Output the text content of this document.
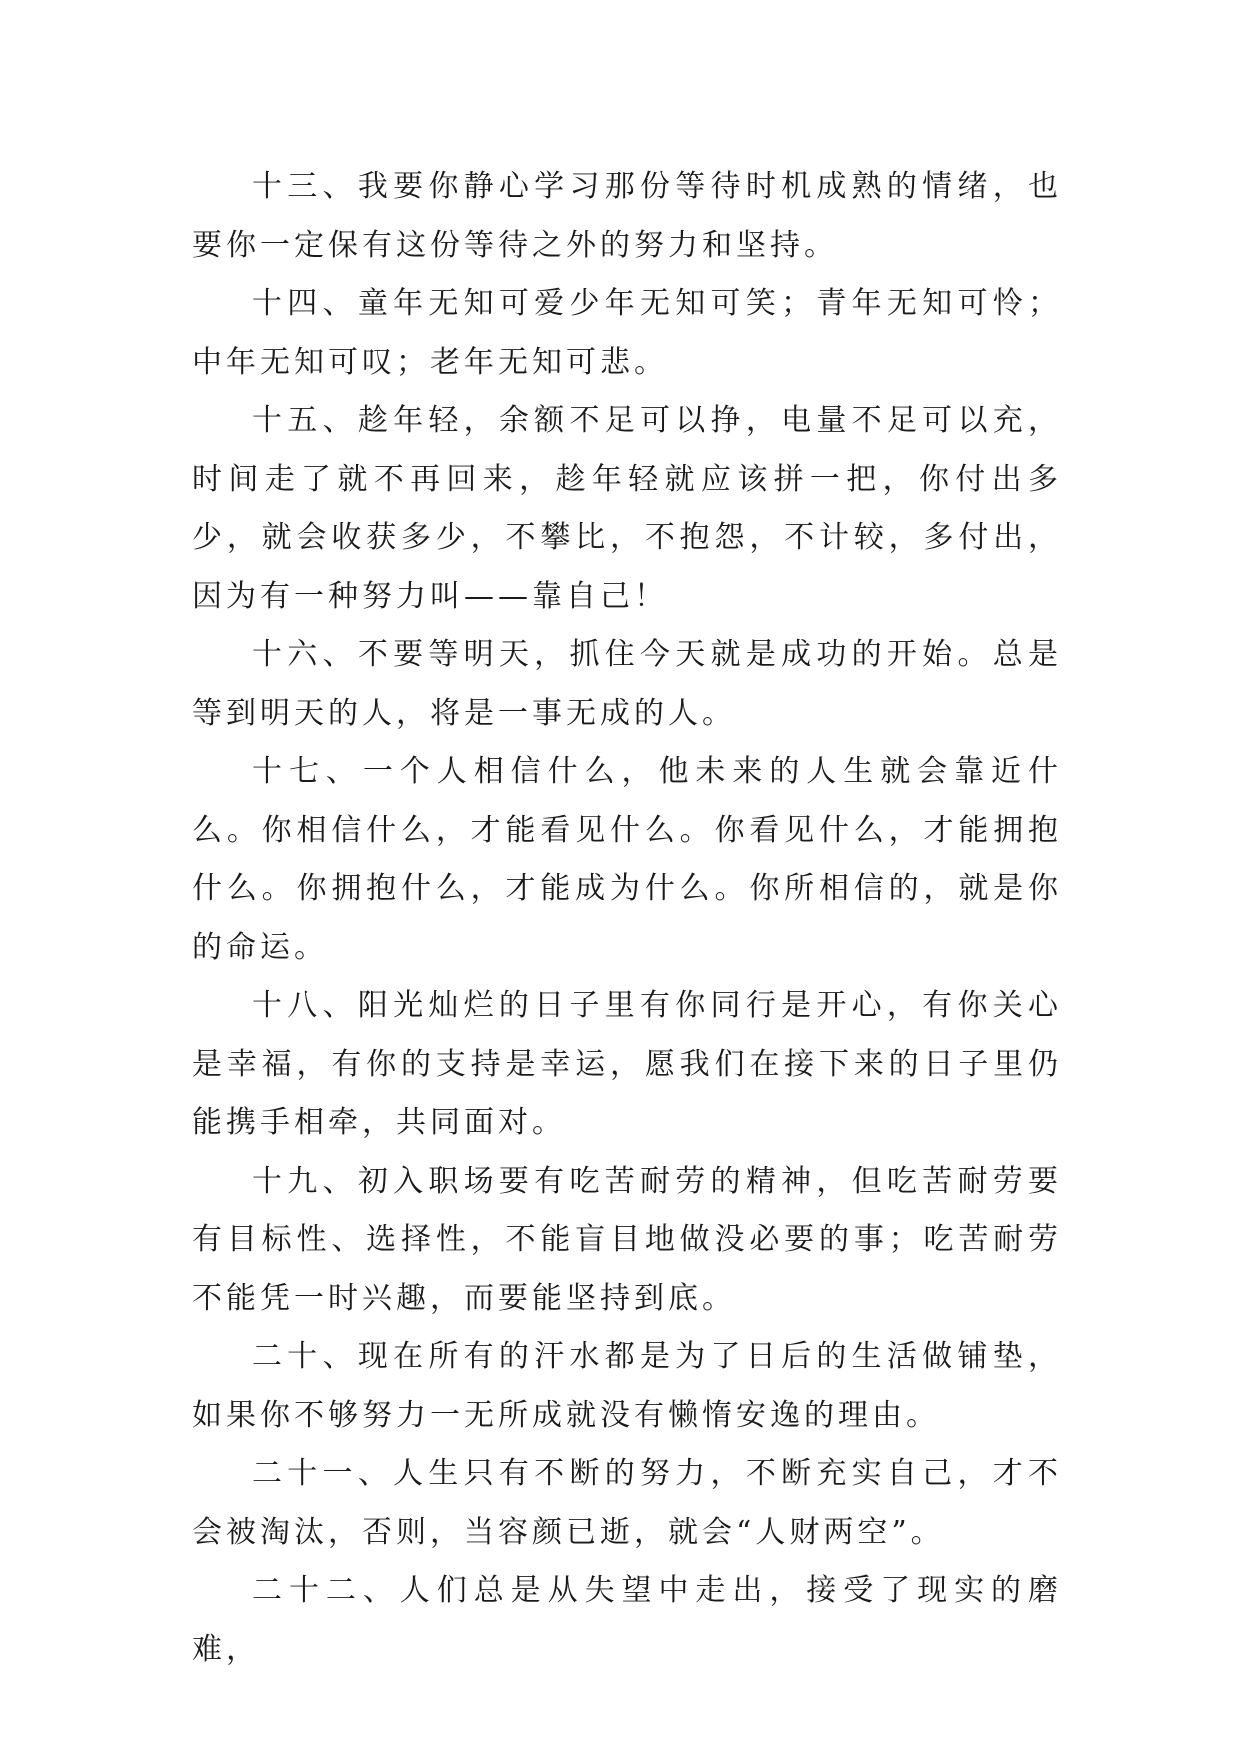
十三、我要你静心学习那份等待时机成熟的情绪，也要你一定保有这份等待之外的努力和坚持。

十四、童年无知可爱少年无知可笑；青年无知可怜；中年无知可叹；老年无知可悲。

十五、趁年轻，余额不足可以挣，电量不足可以充，时间走了就不再回来，趁年轻就应该拼一把，你付出多少，就会收获多少，不攀比，不抱怨，不计较，多付出，因为有一种努力叫——靠自己！

十六、不要等明天，抓住今天就是成功的开始。总是等到明天的人，将是一事无成的人。

十七、一个人相信什么，他未来的人生就会靠近什么。你相信什么，才能看见什么。你看见什么，才能拥抱什么。你拥抱什么，才能成为什么。你所相信的，就是你的命运。

十八、阳光灿烂的日子里有你同行是开心，有你关心是幸福，有你的支持是幸运，愿我们在接下来的日子里仍能携手相牵，共同面对。

十九、初入职场要有吃苦耐劳的精神，但吃苦耐劳要有目标性、选择性，不能盲目地做没必要的事；吃苦耐劳不能凭一时兴趣，而要能坚持到底。

二十、现在所有的汗水都是为了日后的生活做铺垫，如果你不够努力一无所成就没有懒惰安逸的理由。

二十一、人生只有不断的努力，不断充实自己，才不会被淘汰，否则，当容颜已逝，就会“人财两空”。

二十二、人们总是从失望中走出，接受了现实的磨难，
